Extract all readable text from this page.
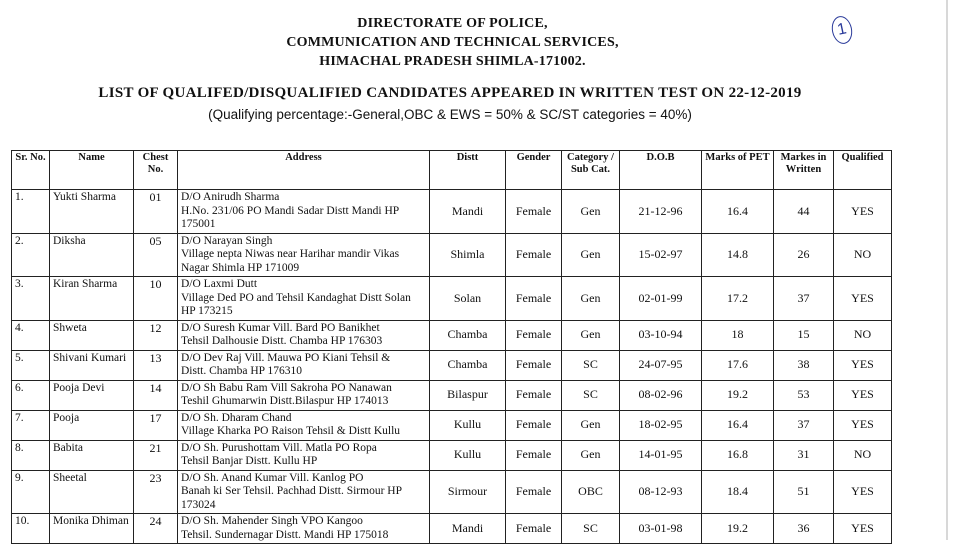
DIRECTORATE OF POLICE,
COMMUNICATION AND TECHNICAL SERVICES,
HIMACHAL PRADESH SHIMLA-171002.
1
LIST OF QUALIFED/DISQUALIFIED CANDIDATES APPEARED IN WRITTEN TEST ON 22-12-2019
(Qualifying percentage:-General,OBC & EWS = 50% & SC/ST categories = 40%)
Sr. No.	Name	Chest No.	Address	Distt	Gender	Category / Sub Cat.	D.O.B	Marks of PET	Markes in Written	Qualified
1.	Yukti Sharma	01	D/O Anirudh Sharma
H.No. 231/06 PO Mandi Sadar Distt Mandi HP 175001	Mandi	Female	Gen	21-12-96	16.4	44	YES
2.	Diksha	05	D/O Narayan Singh
Village nepta Niwas near Harihar mandir Vikas Nagar Shimla HP 171009	Shimla	Female	Gen	15-02-97	14.8	26	NO
3.	Kiran Sharma	10	D/O Laxmi Dutt
Village Ded PO and Tehsil Kandaghat Distt Solan HP 173215	Solan	Female	Gen	02-01-99	17.2	37	YES
4.	Shweta	12	D/O Suresh Kumar Vill. Bard PO Banikhet
Tehsil Dalhousie Distt. Chamba HP 176303	Chamba	Female	Gen	03-10-94	18	15	NO
5.	Shivani Kumari	13	D/O Dev Raj Vill. Mauwa PO Kiani Tehsil &
Distt. Chamba HP 176310	Chamba	Female	SC	24-07-95	17.6	38	YES
6.	Pooja Devi	14	D/O Sh Babu Ram Vill Sakroha PO Nanawan
Teshil Ghumarwin Distt.Bilaspur HP 174013	Bilaspur	Female	SC	08-02-96	19.2	53	YES
7.	Pooja	17	D/O Sh. Dharam Chand
Village Kharka PO Raison Tehsil & Distt Kullu	Kullu	Female	Gen	18-02-95	16.4	37	YES
8.	Babita	21	D/O Sh. Purushottam Vill. Matla PO Ropa
Tehsil Banjar Distt. Kullu HP	Kullu	Female	Gen	14-01-95	16.8	31	NO
9.	Sheetal	23	D/O Sh. Anand Kumar Vill. Kanlog PO
Banah ki Ser Tehsil. Pachhad Distt. Sirmour HP 173024	Sirmour	Female	OBC	08-12-93	18.4	51	YES
10.	Monika Dhiman	24	D/O Sh. Mahender Singh VPO Kangoo
Tehsil. Sundernagar Distt. Mandi HP 175018	Mandi	Female	SC	03-01-98	19.2	36	YES
